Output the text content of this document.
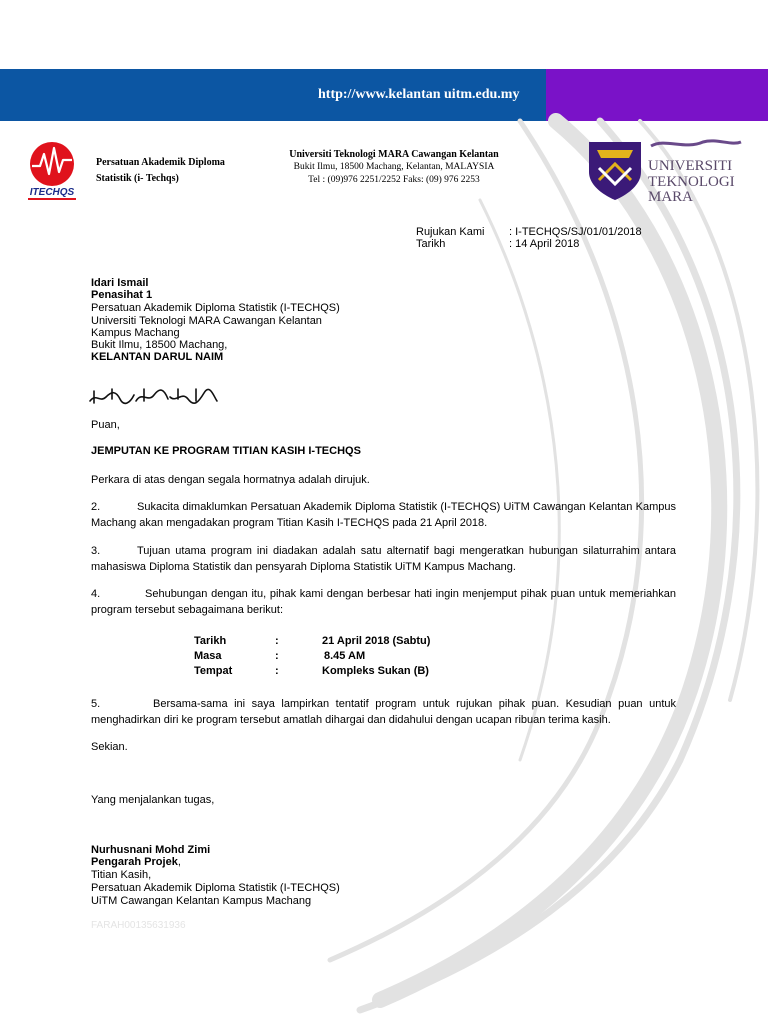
http://www.kelantan uitm.edu.my
ITECHQS
Persatuan Akademik Diploma
Statistik (i- Techqs)
Universiti Teknologi MARA Cawangan Kelantan
Bukit Ilmu, 18500 Machang, Kelantan, MALAYSIA
Tel : (09)976 2251/2252 Faks: (09) 976 2253
UNIVERSITI
TEKNOLOGI
MARA
Rujukan Kami : I-TECHQS/SJ/01/01/2018
Tarikh	: 14 April 2018
Idari Ismail
Penasihat 1
Persatuan Akademik Diploma Statistik (I-TECHQS)
Universiti Teknologi MARA Cawangan Kelantan
Kampus Machang
Bukit Ilmu, 18500 Machang,
KELANTAN DARUL NAIM
Puan,
JEMPUTAN KE PROGRAM TITIAN KASIH I-TECHQS
Perkara di atas dengan segala hormatnya adalah dirujuk.
2.	Sukacita dimaklumkan Persatuan Akademik Diploma Statistik (I-TECHQS) UiTM Cawangan Kelantan Kampus Machang akan mengadakan program Titian Kasih I-TECHQS pada 21 April 2018.
3.	Tujuan utama program ini diadakan adalah satu alternatif bagi mengeratkan hubungan silaturrahim antara mahasiswa Diploma Statistik dan pensyarah Diploma Statistik UiTM Kampus Machang.
4.	Sehubungan dengan itu, pihak kami dengan berbesar hati ingin menjemput pihak puan untuk memeriahkan program tersebut sebagaimana berikut:
Tarikh	:	21 April 2018 (Sabtu)
Masa	:	8.45 AM
Tempat	:	Kompleks Sukan (B)
5.	Bersama-sama ini saya lampirkan tentatif program untuk rujukan pihak puan. Kesudian puan untuk menghadirkan diri ke program tersebut amatlah dihargai dan didahului dengan ucapan ribuan terima kasih.
Sekian.
Yang menjalankan tugas,
Nurhusnani Mohd Zimi
Pengarah Projek,
Titian Kasih,
Persatuan Akademik Diploma Statistik (I-TECHQS)
UiTM Cawangan Kelantan Kampus Machang
FARAH00135631936
